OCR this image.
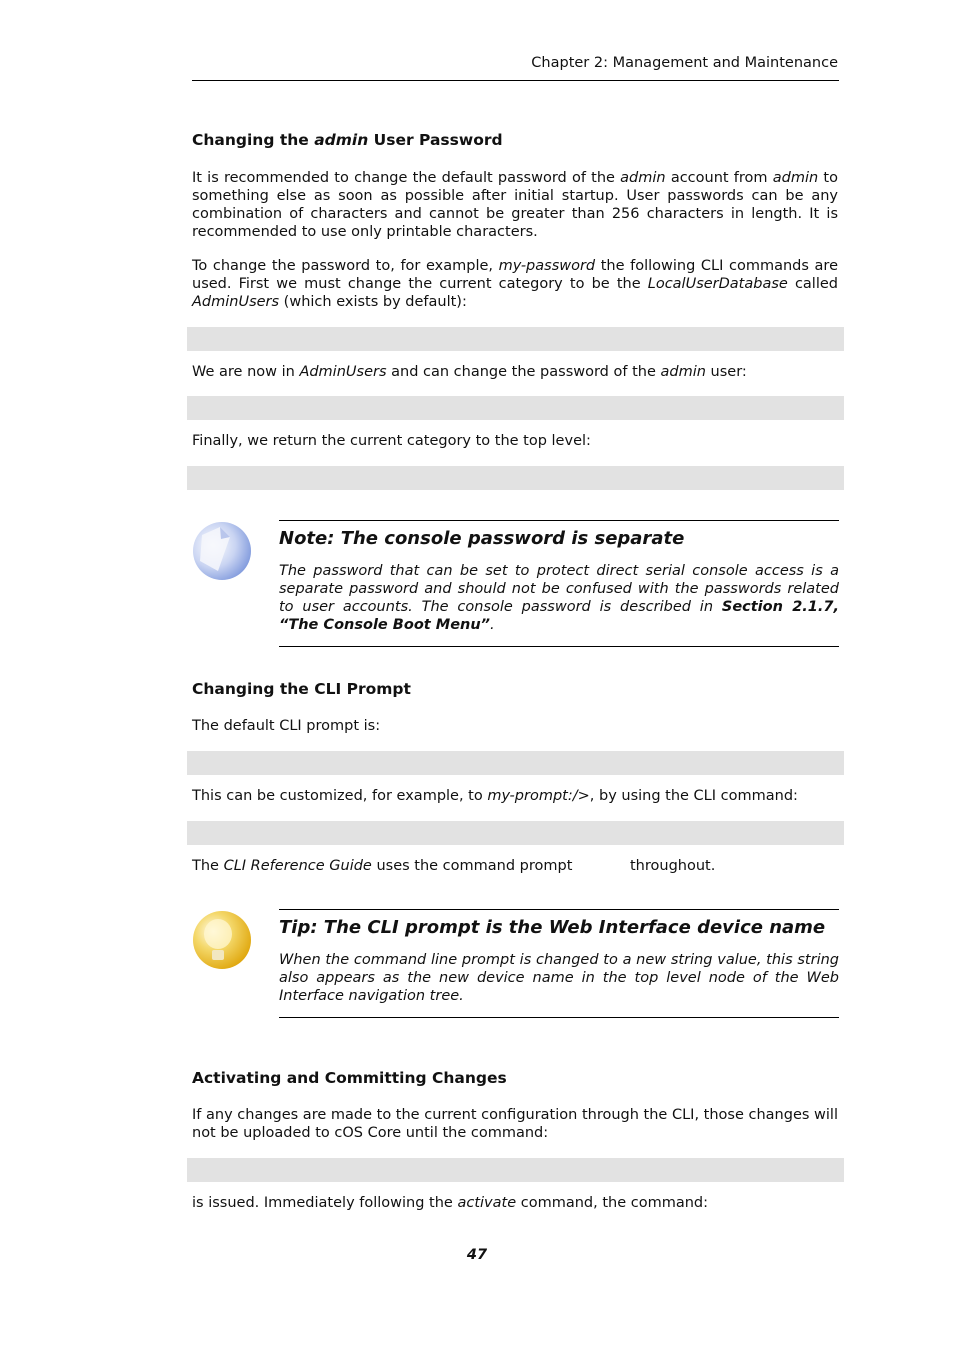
Chapter 2: Management and Maintenance
Changing the admin User Password
It is recommended to change the default password of the admin account from admin to something else as soon as possible after initial startup. User passwords can be any combination of characters and cannot be greater than 256 characters in length. It is recommended to use only printable characters.
To change the password to, for example, my-password the following CLI commands are used. First we must change the current category to be the LocalUserDatabase called AdminUsers (which exists by default):
We are now in AdminUsers and can change the password of the admin user:
Finally, we return the current category to the top level:
Note: The console password is separate
The password that can be set to protect direct serial console access is a separate password and should not be confused with the passwords related to user accounts. The console password is described in Section 2.1.7, “The Console Boot Menu”.
Changing the CLI Prompt
The default CLI prompt is:
This can be customized, for example, to my-prompt:/>, by using the CLI command:
The CLI Reference Guide uses the command prompt	throughout.
Tip: The CLI prompt is the Web Interface device name
When the command line prompt is changed to a new string value, this string also appears as the new device name in the top level node of the Web Interface navigation tree.
Activating and Committing Changes
If any changes are made to the current configuration through the CLI, those changes will not be uploaded to cOS Core until the command:
is issued. Immediately following the activate command, the command:
47
